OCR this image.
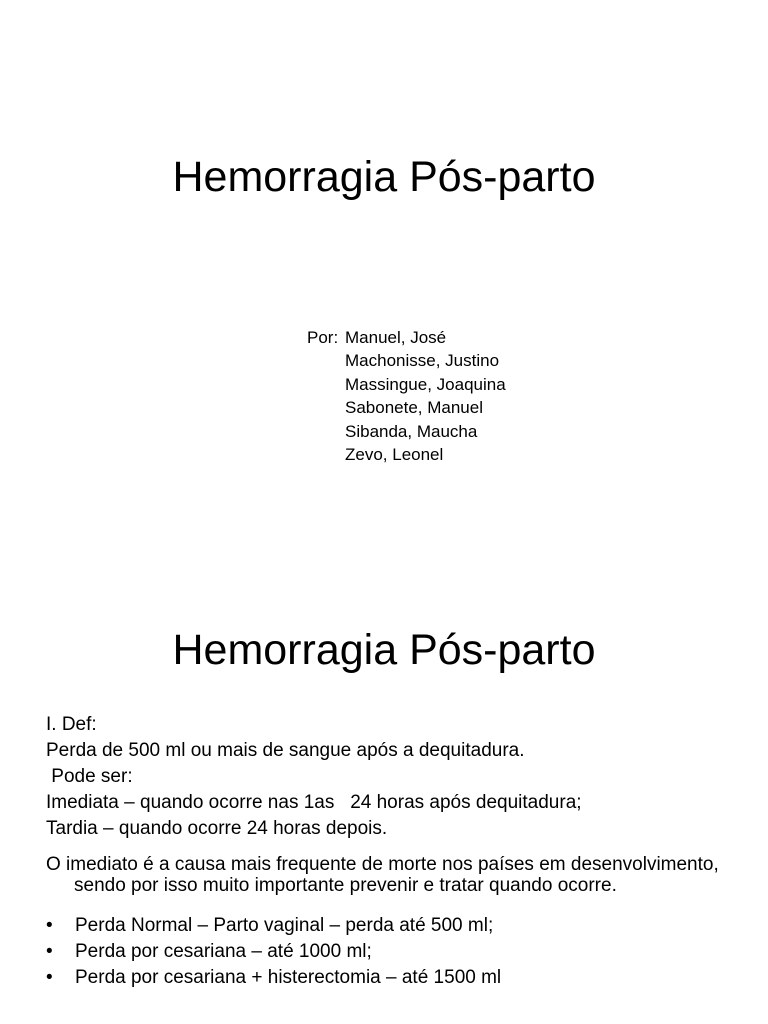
Hemorragia Pós-parto
Por: Manuel, José
Machonisse, Justino
Massingue, Joaquina
Sabonete, Manuel
Sibanda, Maucha
Zevo, Leonel
Hemorragia Pós-parto
I. Def:
Perda de 500 ml ou mais de sangue após a dequitadura.
Pode ser:
Imediata – quando ocorre nas 1as   24 horas após dequitadura;
Tardia – quando ocorre 24 horas depois.
O imediato é a causa mais frequente de morte nos países em desenvolvimento, sendo por isso muito importante prevenir e tratar quando ocorre.
• Perda Normal – Parto vaginal – perda até 500 ml;
• Perda por cesariana – até 1000 ml;
• Perda por cesariana + histerectomia – até 1500 ml
